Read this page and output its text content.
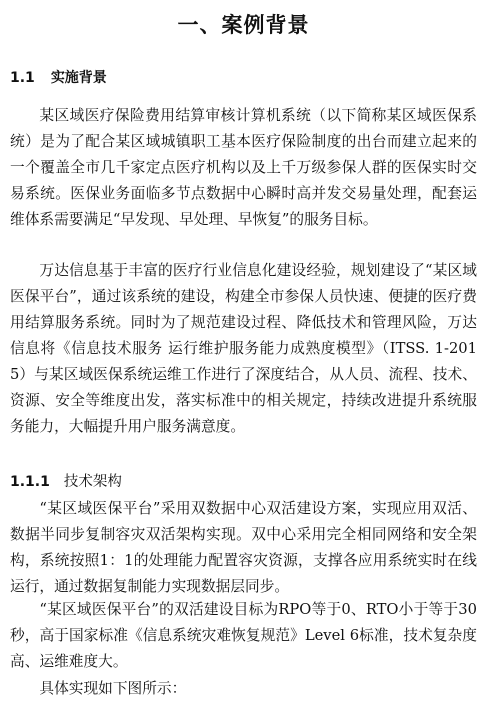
一、案例背景
1.1 实施背景

某区域医疗保险费用结算审核计算机系统（以下简称某区域医保系统）是为了配合某区域城镇职工基本医疗保险制度的出台而建立起来的一个覆盖全市几千家定点医疗机构以及上千万级参保人群的医保实时交易系统。医保业务面临多节点数据中心瞬时高并发交易量处理，配套运维体系需要满足“早发现、早处理、早恢复”的服务目标。

万达信息基于丰富的医疗行业信息化建设经验，规划建设了“某区域医保平台”，通过该系统的建设，构建全市参保人员快速、便捷的医疗费用结算服务系统。同时为了规范建设过程、降低技术和管理风险，万达信息将《信息技术服务 运行维护服务能力成熟度模型》（ITSS. 1-2015）与某区域医保系统运维工作进行了深度结合，从人员、流程、技术、资源、安全等维度出发，落实标准中的相关规定，持续改进提升系统服务能力，大幅提升用户服务满意度。

1.1.1 技术架构

“某区域医保平台”采用双数据中心双活建设方案，实现应用双活、数据半同步复制容灾双活架构实现。双中心采用完全相同网络和安全架构，系统按照1：1的处理能力配置容灾资源，支撑各应用系统实时在线运行，通过数据复制能力实现数据层同步。

“某区域医保平台”的双活建设目标为RPO等于0、RTO小于等于30秒，高于国家标准《信息系统灾难恢复规范》Level 6标准，技术复杂度高、运维难度大。

具体实现如下图所示：
